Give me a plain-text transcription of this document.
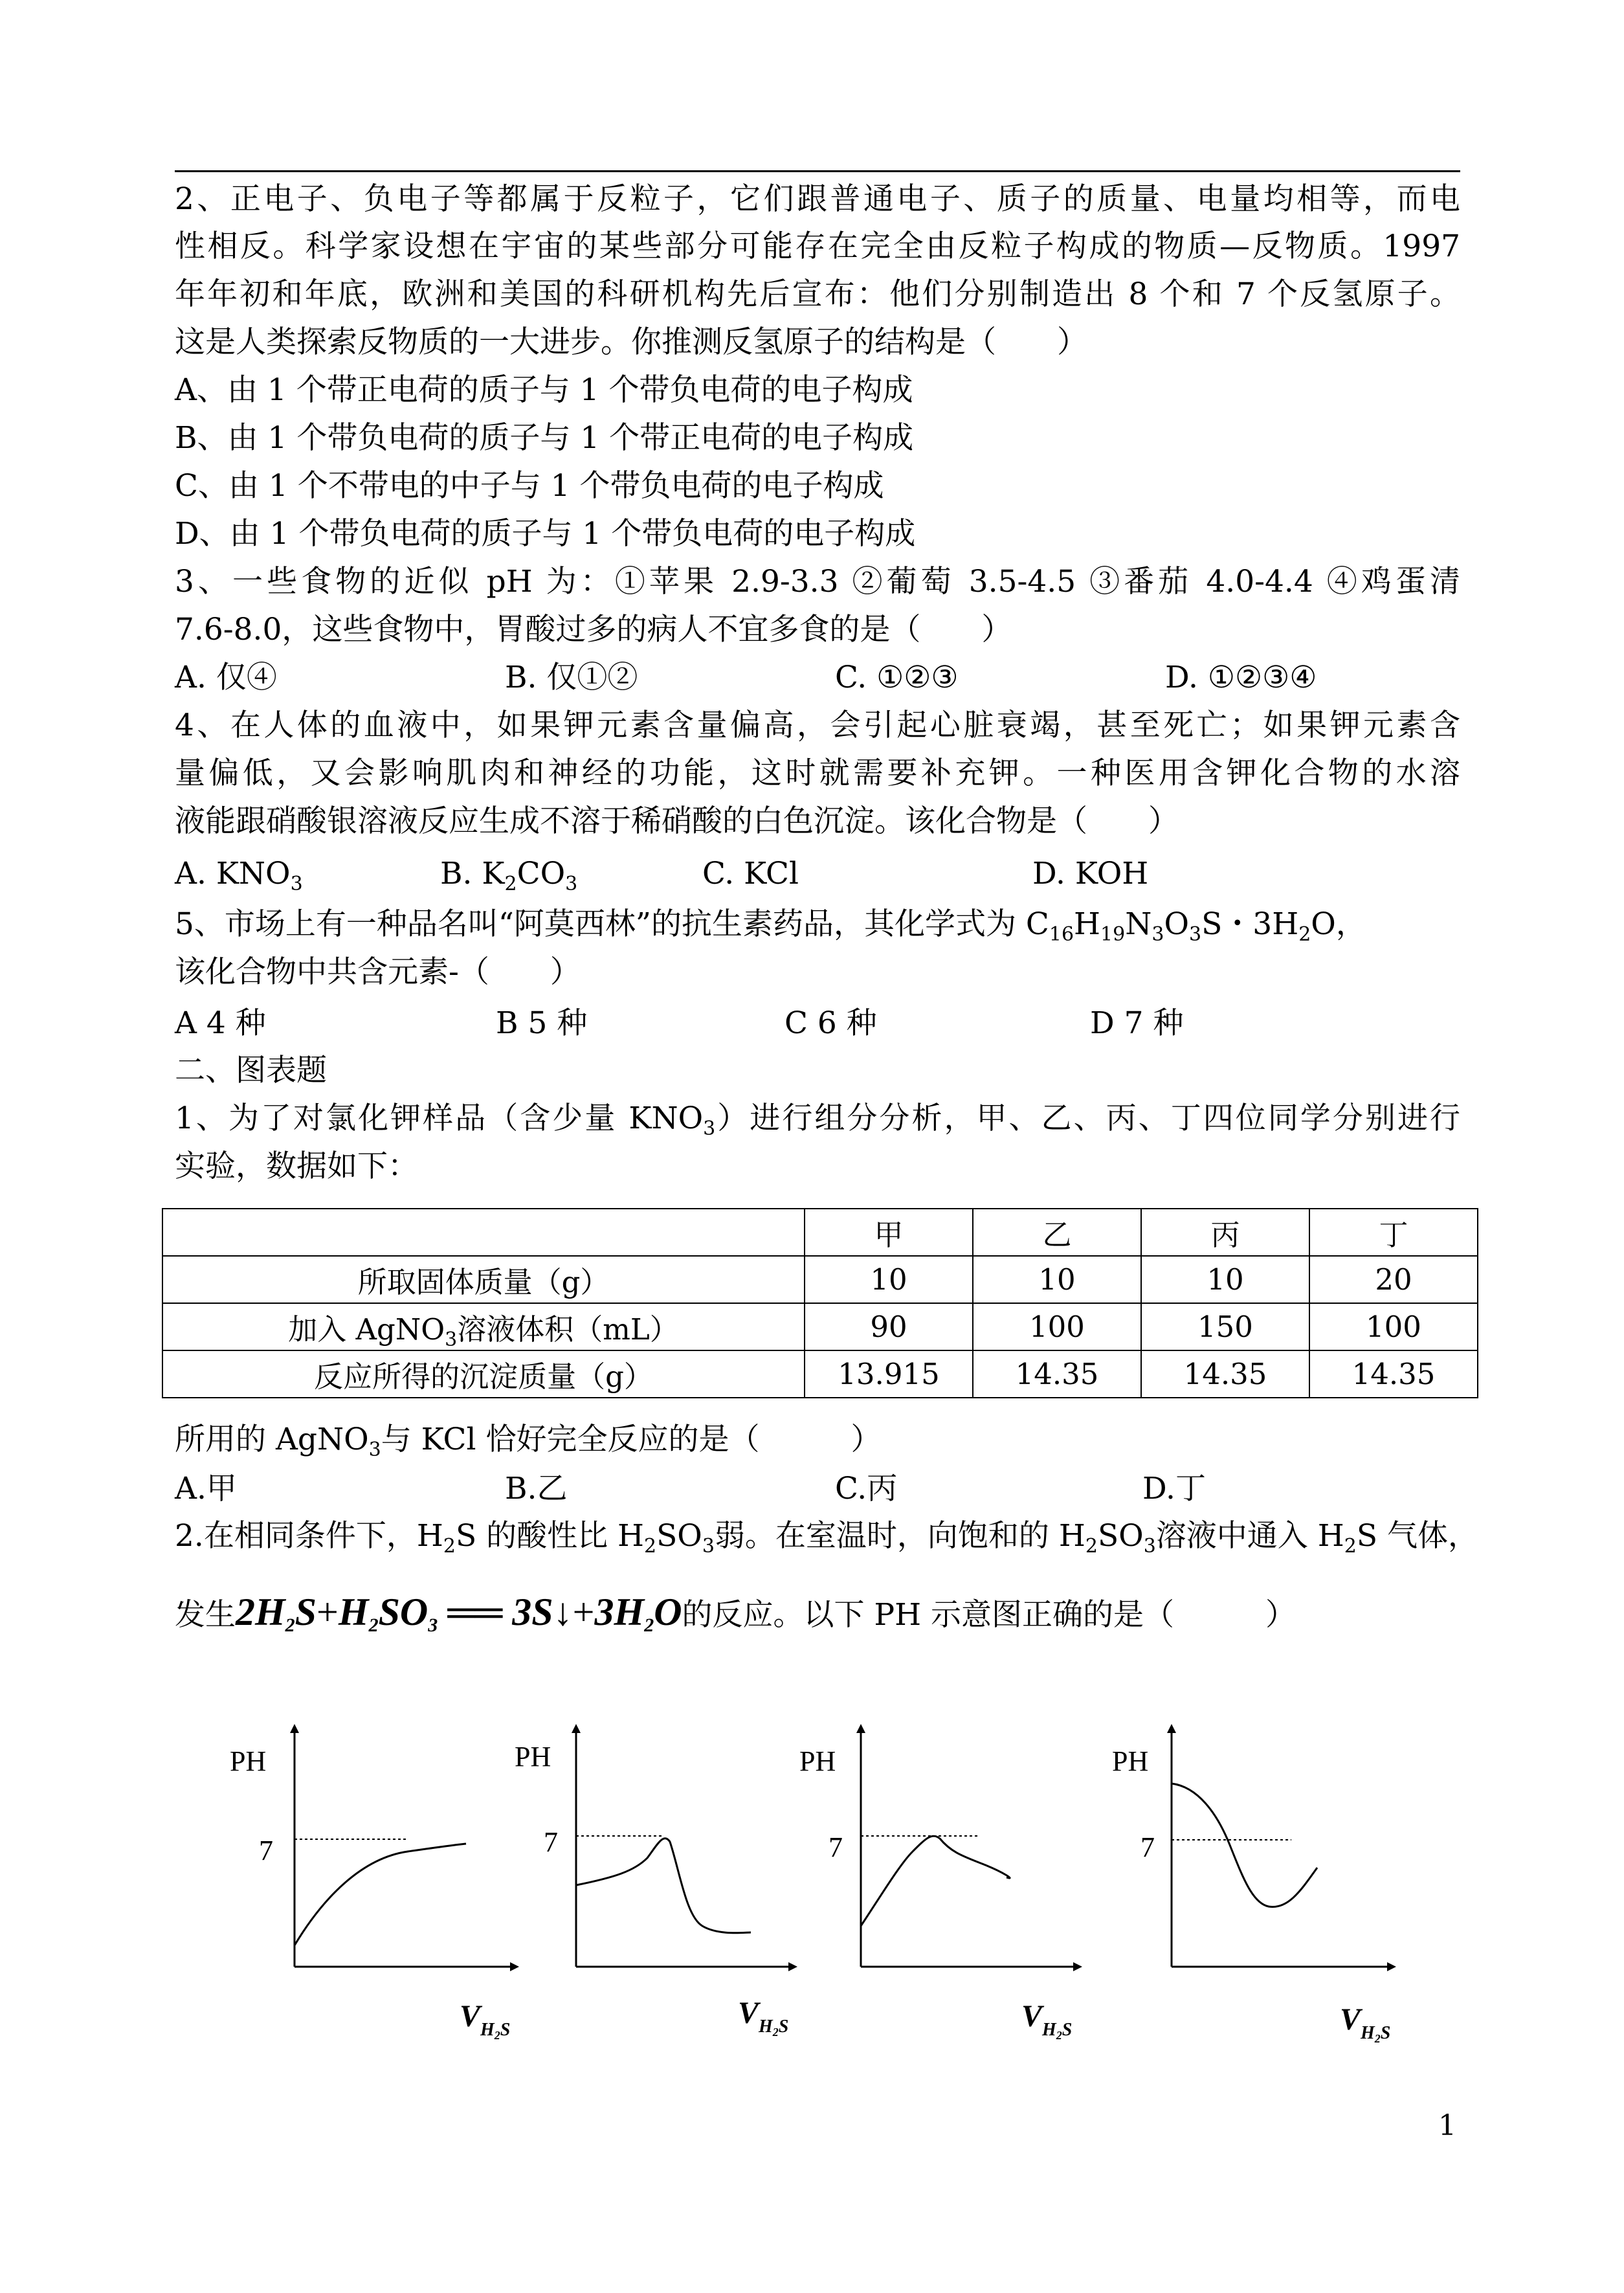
2、正电子、负电子等都属于反粒子，它们跟普通电子、质子的质量、电量均相等，而电
性相反。科学家设想在宇宙的某些部分可能存在完全由反粒子构成的物质—反物质。1997
年年初和年底，欧洲和美国的科研机构先后宣布：他们分别制造出 8 个和 7 个反氢原子。
这是人类探索反物质的一大进步。你推测反氢原子的结构是（　　）
A、由 1 个带正电荷的质子与 1 个带负电荷的电子构成
B、由 1 个带负电荷的质子与 1 个带正电荷的电子构成
C、由 1 个不带电的中子与 1 个带负电荷的电子构成
D、由 1 个带负电荷的质子与 1 个带负电荷的电子构成
3、一些食物的近似 pH 为：①苹果 2.9-3.3 ②葡萄 3.5-4.5 ③番茄 4.0-4.4 ④鸡蛋清
7.6-8.0，这些食物中，胃酸过多的病人不宜多食的是（　　）
A. 仅④	B. 仅①②	C. ①②③	D. ①②③④
4、在人体的血液中，如果钾元素含量偏高，会引起心脏衰竭，甚至死亡；如果钾元素含
量偏低，又会影响肌肉和神经的功能，这时就需要补充钾。一种医用含钾化合物的水溶
液能跟硝酸银溶液反应生成不溶于稀硝酸的白色沉淀。该化合物是（　　）
A. $KNO_3$	B. $K_2CO_3$	C. KCl	D. KOH
5、市场上有一种品名叫“阿莫西林”的抗生素药品，其化学式为 $C_{16}H_{19}N_3O_3S$・$3H_2O$，
该化合物中共含元素-（　　）
A 4 种	B 5 种	C 6 种	D 7 种
二、图表题
1、为了对氯化钾样品（含少量 $KNO_3$）进行组分分析，甲、乙、丙、丁四位同学分别进行
实验，数据如下：
	甲	乙	丙	丁
所取固体质量（g）	10	10	10	20
加入 AgNO$_3$溶液体积（mL）	90	100	150	100
反应所得的沉淀质量（g）	13.915	14.35	14.35	14.35
所用的 AgNO$_3$与 KCl 恰好完全反应的是（　　　）
A.甲	B.乙	C.丙	D.丁
2.在相同条件下，$H_2S$ 的酸性比 $H_2SO_3$弱。在室温时，向饱和的 $H_2SO_3$溶液中通入 $H_2S$ 气体，
发生$2H_2S+H_2SO_3$ ══ $3S↓+3H_2O$的反应。以下 PH 示意图正确的是（　　　）
PH
7
$V_H2S$
PH
7
$V_H2S$
PH
7
$V_H2S$
PH
7
$V_H2S$
1
